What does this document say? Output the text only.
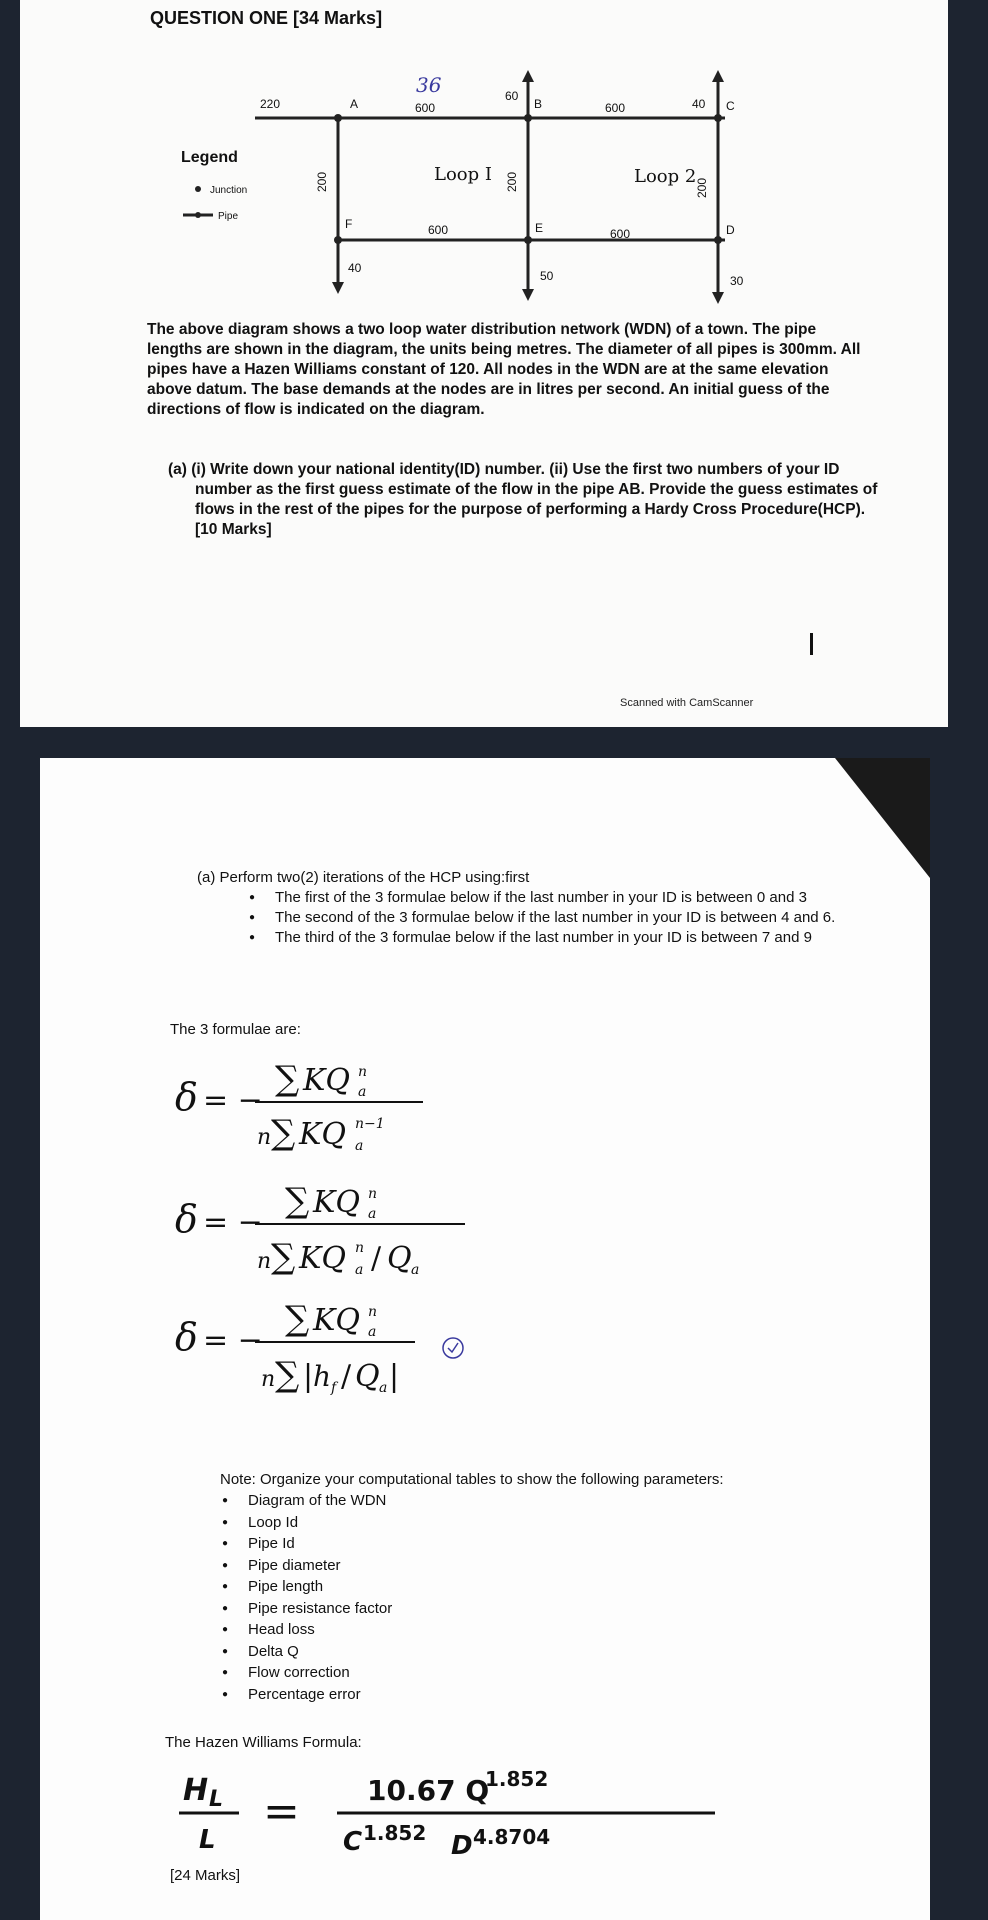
QUESTION ONE [34 Marks]
220	A	600
60
B	600	40 C
F	600	E	600	D
40
50	30
200	200	200
Junction
Pipe
Legend
Loop I	Loop 2
36
The above diagram shows a two loop water distribution network (WDN) of a town. The pipe lengths are shown in the diagram, the units being metres. The diameter of all pipes is 300mm. All pipes have a Hazen Williams constant of 120. All nodes in the WDN are at the same elevation above datum. The base demands at the nodes are in litres per second. An initial guess of the directions of flow is indicated on the diagram.
(a) (i) Write down your national identity(ID) number. (ii) Use the first two numbers of your ID
number as the first guess estimate of the flow in the pipe AB. Provide the guess estimates of flows in the rest of the pipes for the purpose of performing a Hardy Cross Procedure(HCP). [10 Marks]
Scanned with CamScanner
(a) Perform two(2) iterations of the HCP using:first
● The first of the 3 formulae below if the last number in your ID is between 0 and 3
● The second of the 3 formulae below if the last number in your ID is between 4 and 6.
● The third of the 3 formulae below if the last number in your ID is between 7 and 9
The 3 formulae are:
δ = −
∑ KQ n
a
n ∑ KQ n−1
a
δ = −
∑ KQ n
a
n ∑ KQ n
a / Q a
δ = −
∑ KQ n
a
n ∑ | h f / Q a |
Note: Organize your computational tables to show the following parameters:
● Diagram of the WDN
● Loop Id
● Pipe Id
● Pipe diameter
● Pipe length
● Pipe resistance factor
● Head loss
● Delta Q
● Flow correction
● Percentage error
The Hazen Williams Formula:
H L
L
= 10.67 Q
1.852
C 1.852 D 4.8704
[24 Marks]
